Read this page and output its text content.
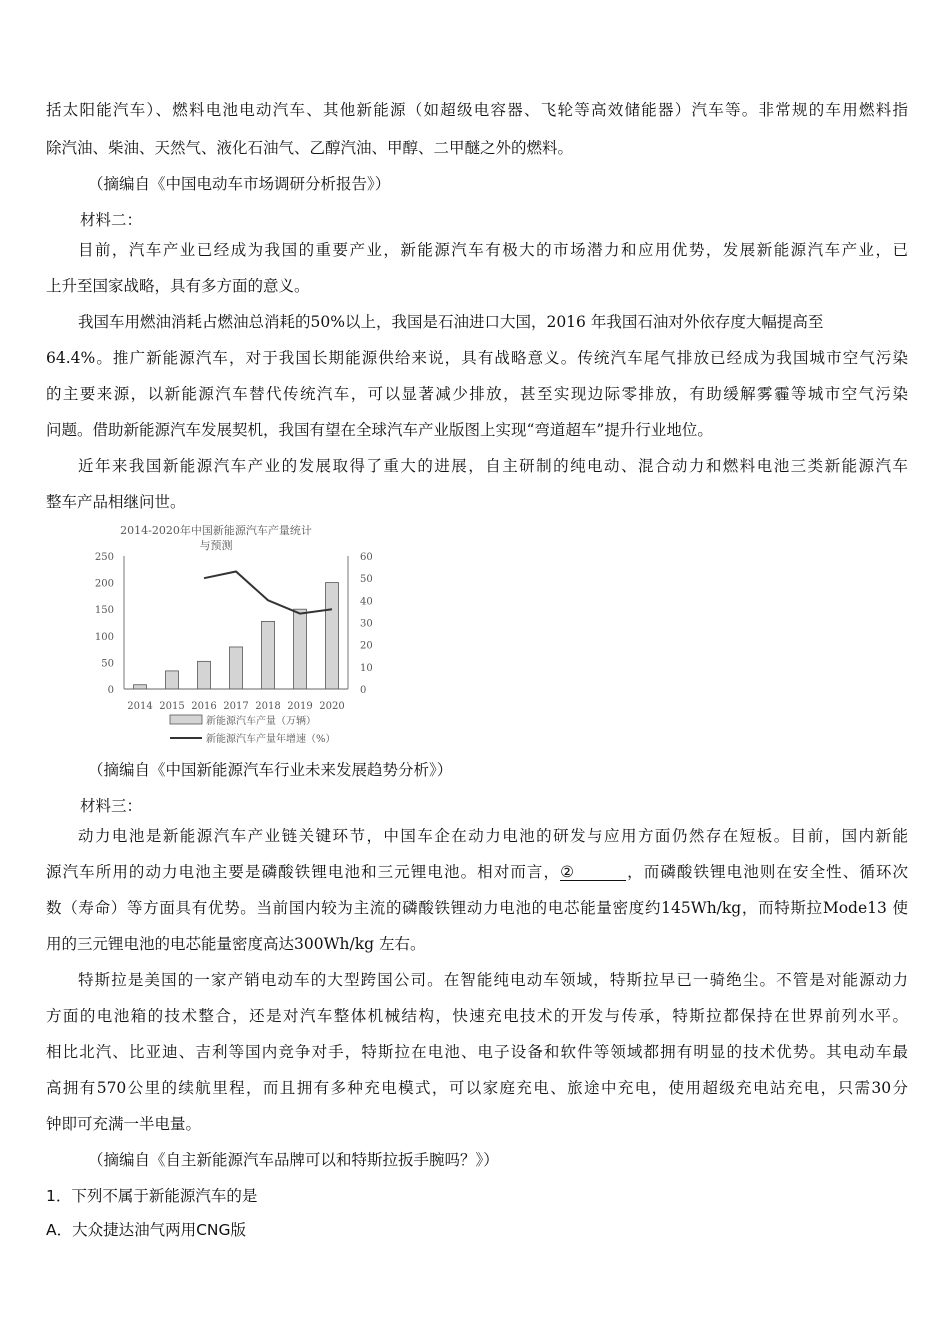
括太阳能汽车）、燃料电池电动汽车、其他新能源（如超级电容器、飞轮等高效储能器）汽车等。非常规的车用燃料指
除汽油、柴油、天然气、液化石油气、乙醇汽油、甲醇、二甲醚之外的燃料。
（摘编自《中国电动车市场调研分析报告》）
材料二：
目前，汽车产业已经成为我国的重要产业，新能源汽车有极大的市场潜力和应用优势，发展新能源汽车产业，已
上升至国家战略，具有多方面的意义。
我国车用燃油消耗占燃油总消耗的50%以上，我国是石油进口大国，2016 年我国石油对外依存度大幅提高至
64.4%。推广新能源汽车，对于我国长期能源供给来说，具有战略意义。传统汽车尾气排放已经成为我国城市空气污染
的主要来源，以新能源汽车替代传统汽车，可以显著减少排放，甚至实现边际零排放，有助缓解雾霾等城市空气污染
问题。借助新能源汽车发展契机，我国有望在全球汽车产业版图上实现“弯道超车”提升行业地位。
近年来我国新能源汽车产业的发展取得了重大的进展，自主研制的纯电动、混合动力和燃料电池三类新能源汽车
整车产品相继问世。
2014-2020年中国新能源汽车产量统计
与预测
0
50
100
150
200
250
0
10
20
30
40
50
60
2014 2015 2016 2017 2018 2019 2020
新能源汽车产量（万辆）
新能源汽车产量年增速（%）
（摘编自《中国新能源汽车行业未来发展趋势分析》）
材料三：
动力电池是新能源汽车产业链关键环节，中国车企在动力电池的研发与应用方面仍然存在短板。目前，国内新能
源汽车所用的动力电池主要是磷酸铁锂电池和三元锂电池。相对而言，②	，而磷酸铁锂电池则在安全性、循环次
数（寿命）等方面具有优势。当前国内较为主流的磷酸铁锂动力电池的电芯能量密度约145Wh/kg，而特斯拉Mode13 使
用的三元锂电池的电芯能量密度高达300Wh/kg 左右。
特斯拉是美国的一家产销电动车的大型跨国公司。在智能纯电动车领域，特斯拉早已一骑绝尘。不管是对能源动力
方面的电池箱的技术整合，还是对汽车整体机械结构，快速充电技术的开发与传承，特斯拉都保持在世界前列水平。
相比北汽、比亚迪、吉利等国内竞争对手，特斯拉在电池、电子设备和软件等领域都拥有明显的技术优势。其电动车最
高拥有570公里的续航里程，而且拥有多种充电模式，可以家庭充电、旅途中充电，使用超级充电站充电，只需30分
钟即可充满一半电量。
（摘编自《自主新能源汽车品牌可以和特斯拉扳手腕吗？》）
1．下列不属于新能源汽车的是
A．大众捷达油气两用CNG版
